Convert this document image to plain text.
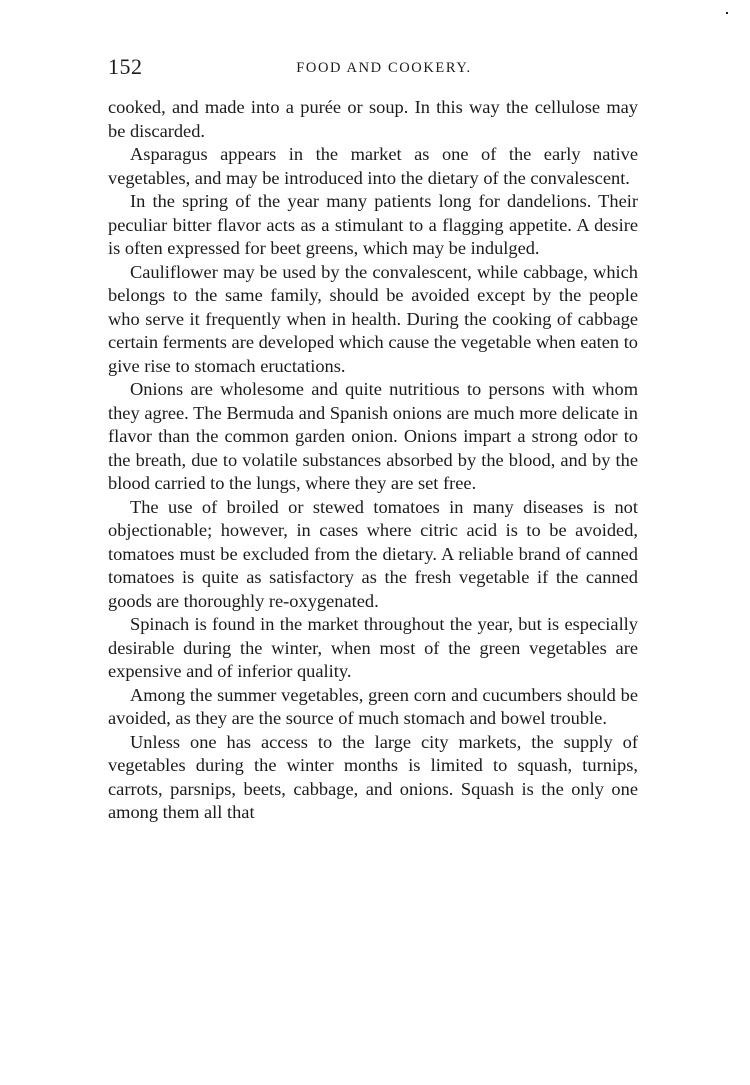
152	FOOD AND COOKERY.

cooked, and made into a purée or soup. In this way the cellulose may be discarded.

Asparagus appears in the market as one of the early native vegetables, and may be introduced into the dietary of the convalescent.

In the spring of the year many patients long for dandelions. Their peculiar bitter flavor acts as a stimulant to a flagging appetite. A desire is often expressed for beet greens, which may be indulged.

Cauliflower may be used by the convalescent, while cabbage, which belongs to the same family, should be avoided except by the people who serve it frequently when in health. During the cooking of cabbage certain ferments are developed which cause the vegetable when eaten to give rise to stomach eructations.

Onions are wholesome and quite nutritious to persons with whom they agree. The Bermuda and Spanish onions are much more delicate in flavor than the common garden onion. Onions impart a strong odor to the breath, due to volatile substances absorbed by the blood, and by the blood carried to the lungs, where they are set free.

The use of broiled or stewed tomatoes in many diseases is not objectionable; however, in cases where citric acid is to be avoided, tomatoes must be excluded from the dietary. A reliable brand of canned tomatoes is quite as satisfactory as the fresh vegetable if the canned goods are thoroughly re-oxygenated.

Spinach is found in the market throughout the year, but is especially desirable during the winter, when most of the green vegetables are expensive and of inferior quality.

Among the summer vegetables, green corn and cucumbers should be avoided, as they are the source of much stomach and bowel trouble.

Unless one has access to the large city markets, the supply of vegetables during the winter months is limited to squash, turnips, carrots, parsnips, beets, cabbage, and onions. Squash is the only one among them all that
